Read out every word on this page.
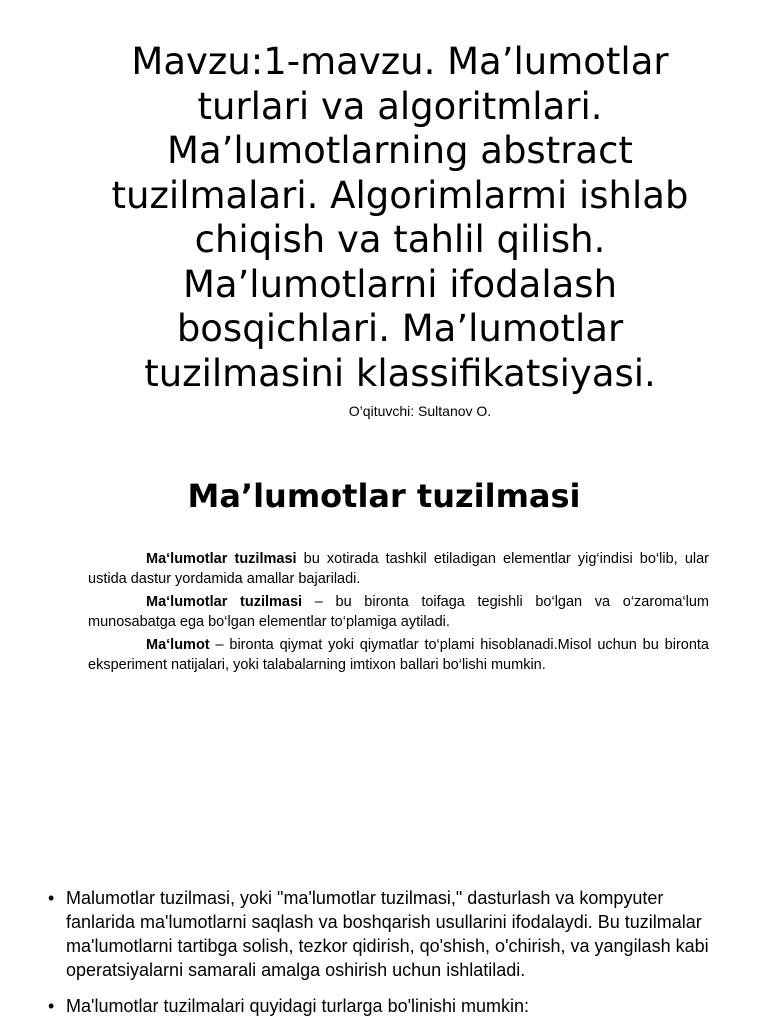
Mavzu:1-mavzu. Ma’lumotlar turlari va algoritmlari. Ma’lumotlarning abstract tuzilmalari. Algorimlarmi ishlab chiqish va tahlil qilish. Ma’lumotlarni ifodalash bosqichlari. Ma’lumotlar tuzilmasini klassifikatsiyasi.
O’qituvchi: Sultanov O.
Ma’lumotlar tuzilmasi

Ma‘lumotlar tuzilmasi bu xotirada tashkil etiladigan elementlar yig‘indisi bo‘lib, ular ustida dastur yordamida amallar bajariladi.

Ma‘lumotlar tuzilmasi – bu bironta toifaga tegishli bo‘lgan va o‘zaroma‘lum munosabatga ega bo‘lgan elementlar to‘plamiga aytiladi.

Ma‘lumot – bironta qiymat yoki qiymatlar to‘plami hisoblanadi.Misol uchun bu bironta eksperiment natijalari, yoki talabalarning imtixon ballari bo‘lishi mumkin.

• Malumotlar tuzilmasi, yoki "ma'lumotlar tuzilmasi," dasturlash va kompyuter fanlarida ma'lumotlarni saqlash va boshqarish usullarini ifodalaydi. Bu tuzilmalar ma'lumotlarni tartibga solish, tezkor qidirish, qo'shish, o'chirish, va yangilash kabi operatsiyalarni samarali amalga oshirish uchun ishlatiladi.
• Ma'lumotlar tuzilmalari quyidagi turlarga bo'linishi mumkin:
